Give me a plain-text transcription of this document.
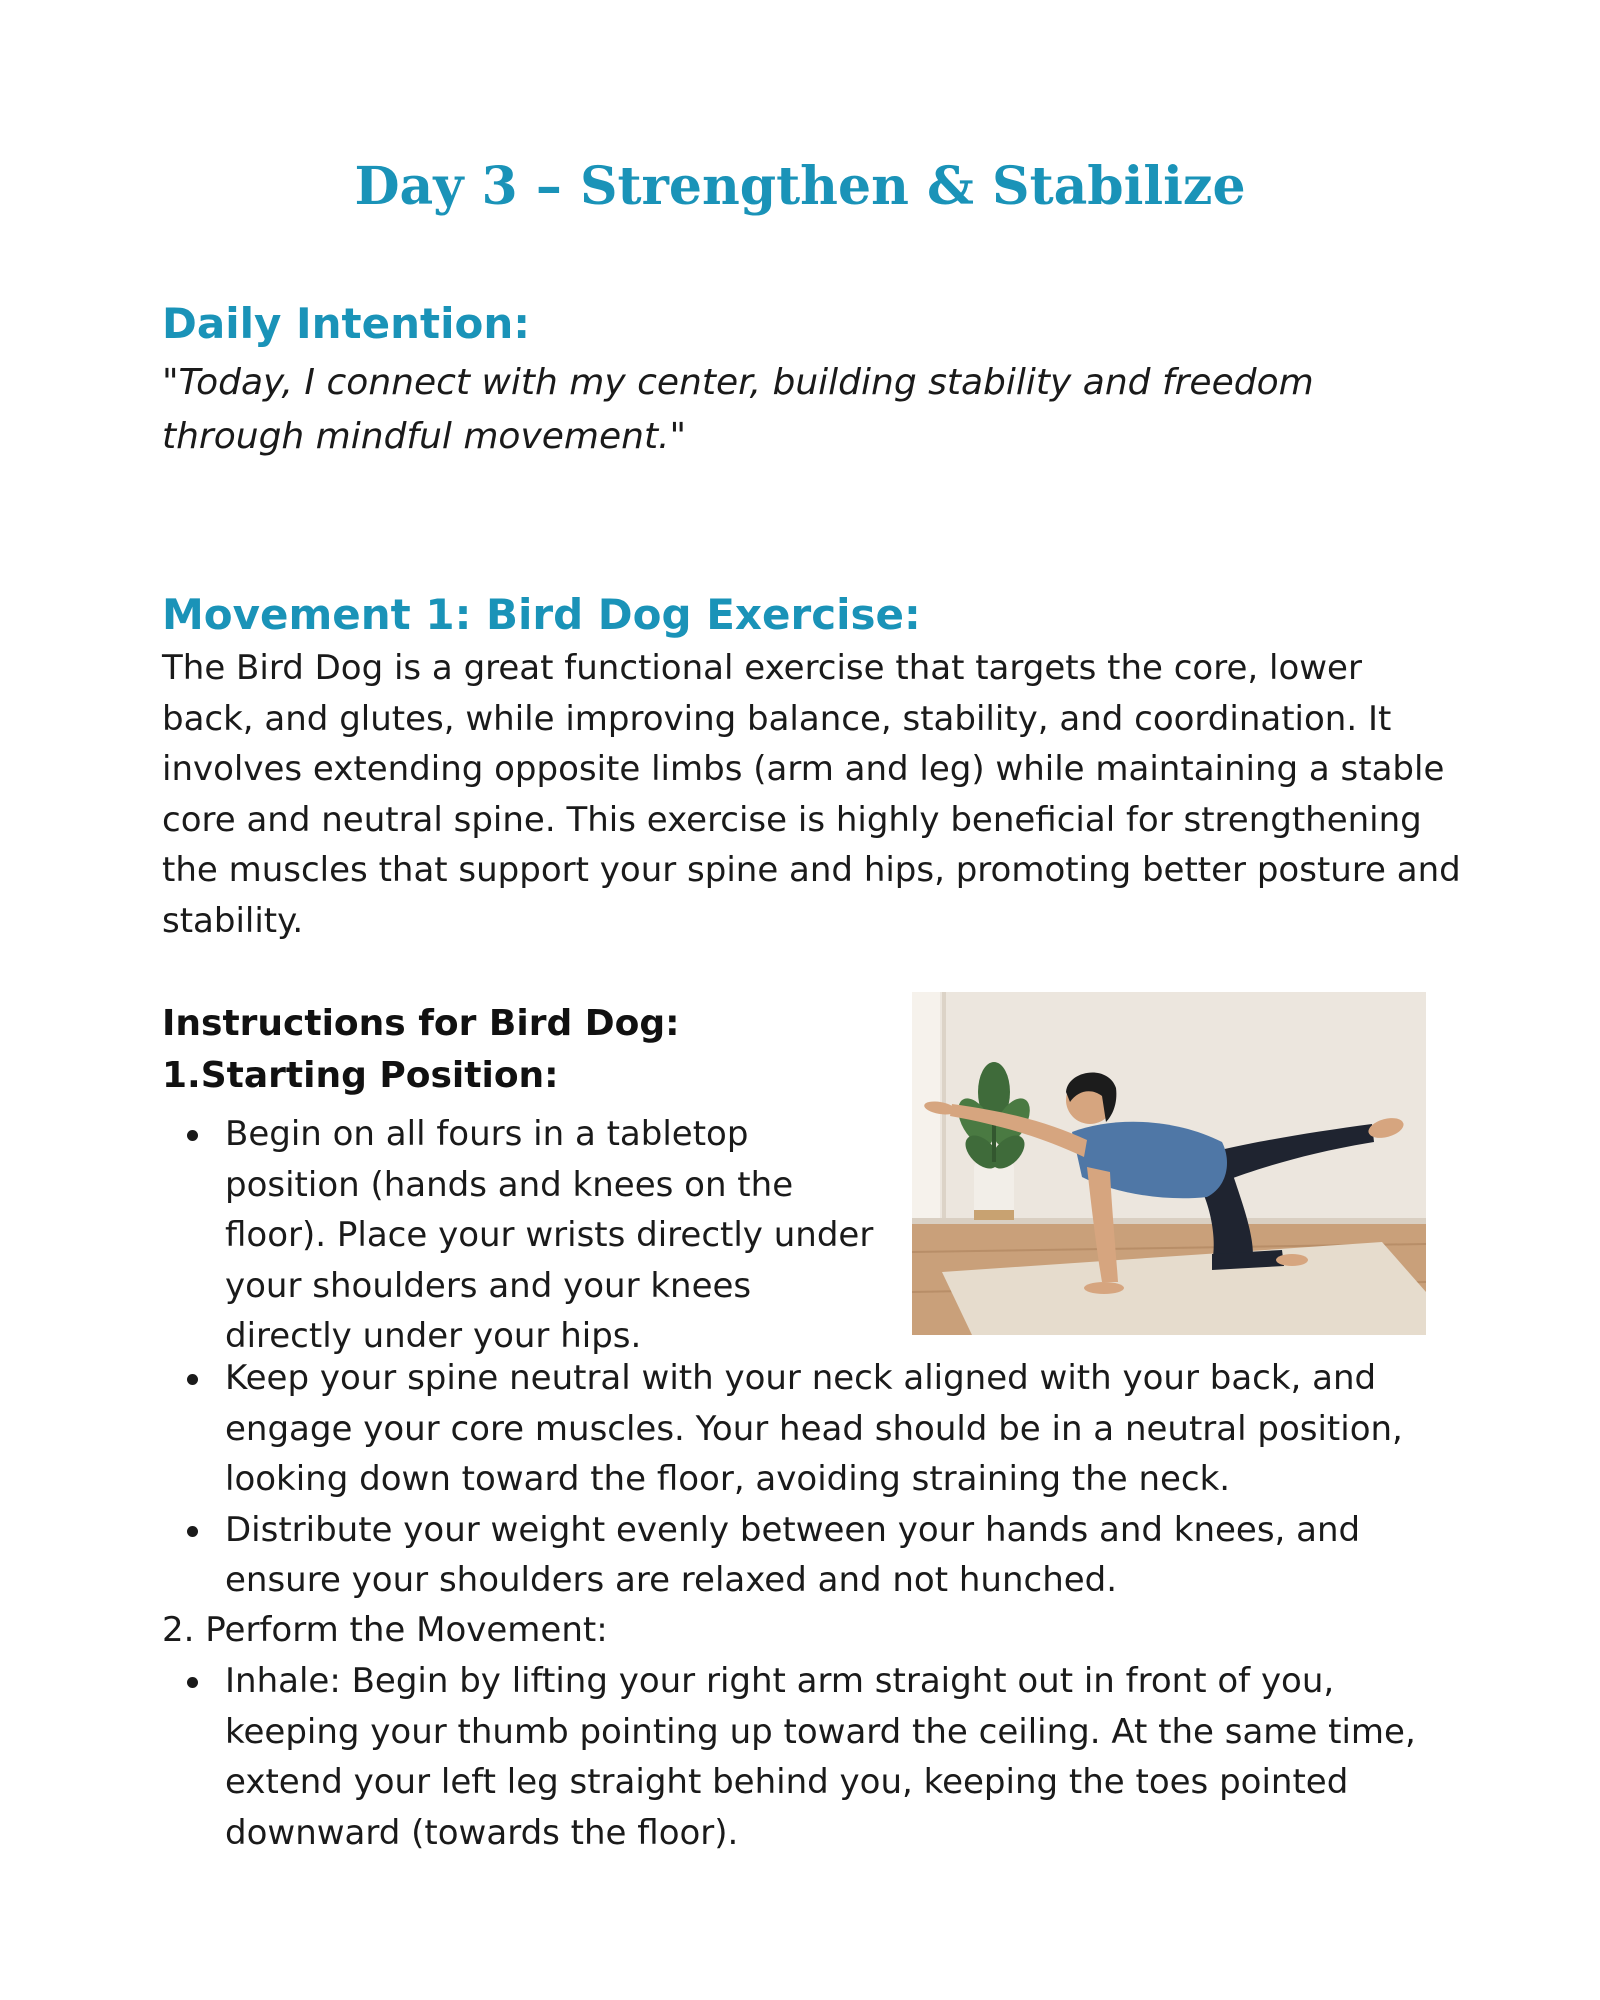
Day 3 – Strengthen & Stabilize
Daily Intention:

"Today, I connect with my center, building stability and freedom through mindful movement."

Movement 1: Bird Dog Exercise:

The Bird Dog is a great functional exercise that targets the core, lower back, and glutes, while improving balance, stability, and coordination. It involves extending opposite limbs (arm and leg) while maintaining a stable core and neutral spine. This exercise is highly beneficial for strengthening the muscles that support your spine and hips, promoting better posture and stability.

Instructions for Bird Dog:
1.Starting Position:
Begin on all fours in a tabletop position (hands and knees on the floor). Place your wrists directly under your shoulders and your knees directly under your hips.
Keep your spine neutral with your neck aligned with your back, and engage your core muscles. Your head should be in a neutral position, looking down toward the floor, avoiding straining the neck.
Distribute your weight evenly between your hands and knees, and ensure your shoulders are relaxed and not hunched.

2. Perform the Movement:

Inhale: Begin by lifting your right arm straight out in front of you, keeping your thumb pointing up toward the ceiling. At the same time, extend your left leg straight behind you, keeping the toes pointed downward (towards the floor).
